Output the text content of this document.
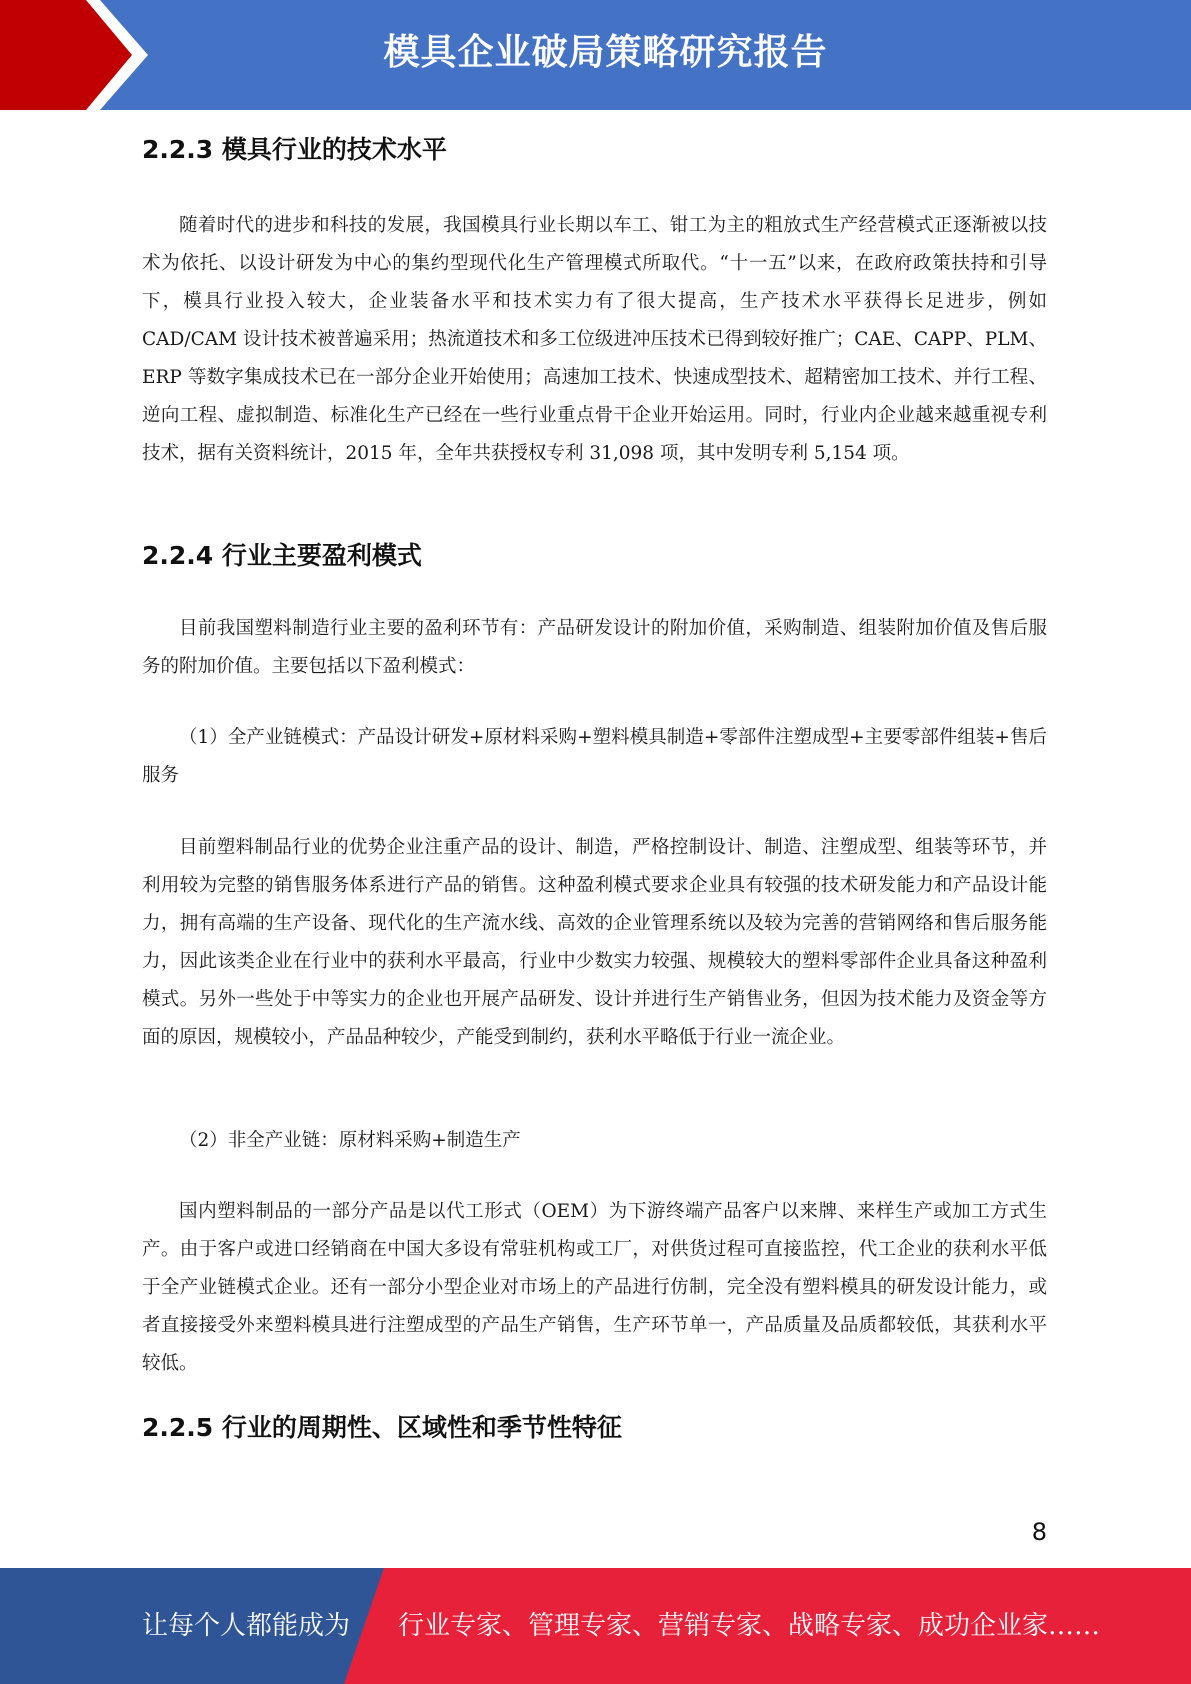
模具企业破局策略研究报告
2.2.3 模具行业的技术水平

随着时代的进步和科技的发展，我国模具行业长期以车工、钳工为主的粗放式生产经营模式正逐渐被以技术为依托、以设计研发为中心的集约型现代化生产管理模式所取代。“十一五”以来，在政府政策扶持和引导下，模具行业投入较大，企业装备水平和技术实力有了很大提高，生产技术水平获得长足进步，例如CAD/CAM 设计技术被普遍采用；热流道技术和多工位级进冲压技术已得到较好推广；CAE、CAPP、PLM、ERP 等数字集成技术已在一部分企业开始使用；高速加工技术、快速成型技术、超精密加工技术、并行工程、逆向工程、虚拟制造、标准化生产已经在一些行业重点骨干企业开始运用。同时，行业内企业越来越重视专利技术，据有关资料统计，2015 年，全年共获授权专利 31,098 项，其中发明专利 5,154 项。

2.2.4 行业主要盈利模式

目前我国塑料制造行业主要的盈利环节有：产品研发设计的附加价值，采购制造、组装附加价值及售后服务的附加价值。主要包括以下盈利模式：

（1）全产业链模式：产品设计研发+原材料采购+塑料模具制造+零部件注塑成型+主要零部件组装+售后服务

目前塑料制品行业的优势企业注重产品的设计、制造，严格控制设计、制造、注塑成型、组装等环节，并利用较为完整的销售服务体系进行产品的销售。这种盈利模式要求企业具有较强的技术研发能力和产品设计能力，拥有高端的生产设备、现代化的生产流水线、高效的企业管理系统以及较为完善的营销网络和售后服务能力，因此该类企业在行业中的获利水平最高，行业中少数实力较强、规模较大的塑料零部件企业具备这种盈利模式。另外一些处于中等实力的企业也开展产品研发、设计并进行生产销售业务，但因为技术能力及资金等方面的原因，规模较小，产品品种较少，产能受到制约，获利水平略低于行业一流企业。

（2）非全产业链：原材料采购+制造生产

国内塑料制品的一部分产品是以代工形式（OEM）为下游终端产品客户以来牌、来样生产或加工方式生产。由于客户或进口经销商在中国大多设有常驻机构或工厂，对供货过程可直接监控，代工企业的获利水平低于全产业链模式企业。还有一部分小型企业对市场上的产品进行仿制，完全没有塑料模具的研发设计能力，或者直接接受外来塑料模具进行注塑成型的产品生产销售，生产环节单一，产品质量及品质都较低，其获利水平较低。

2.2.5 行业的周期性、区域性和季节性特征
8
让每个人都能成为 行业专家、管理专家、营销专家、战略专家、成功企业家……
